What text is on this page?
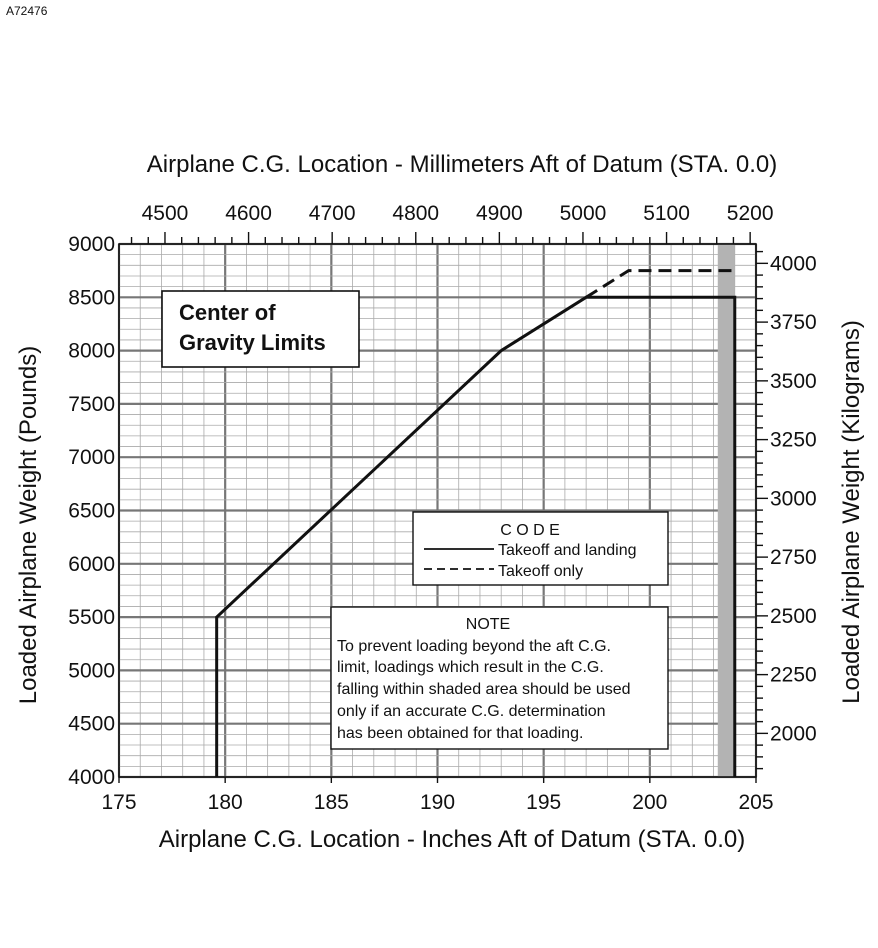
A72476
175	180	185	190	195	200	205
4000
4500
5000
5500
6000
6500
7000
7500
8000
8500
9000
4500 4600 4700 4800 4900 5000 5100 5200
2000
2250
2500
2750
3000
3250
3500
3750
4000
Airplane C.G. Location - Millimeters Aft of Datum (STA. 0.0)
Airplane C.G. Location - Inches Aft of Datum (STA. 0.0)
Loaded Airplane Weight (Pounds)	Loaded Airplane Weight (Kilograms)
Center of
Gravity Limits
C O D E
Takeoff and landing
Takeoff only
NOTE
To prevent loading beyond the aft C.G.
limit, loadings which result in the C.G.
falling within shaded area should be used
only if an accurate C.G. determination
has been obtained for that loading.
